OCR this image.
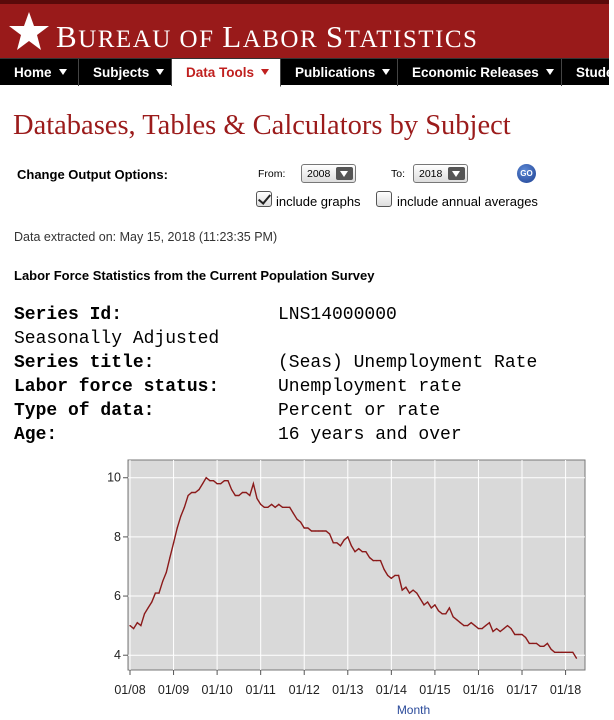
BUREAU OF LABOR STATISTICS
Home	Subjects	Data Tools	Publications	Economic Releases	Stude
Databases, Tables & Calculators by Subject
Change Output Options:	From: 2008	To: 2018	GO
include graphs	include annual averages
Data extracted on: May 15, 2018 (11:23:35 PM)
Labor Force Statistics from the Current Population Survey
Series Id:	LNS14000000
Seasonally Adjusted
Series title:	(Seas) Unemployment Rate
Labor force status:	Unemployment rate
Type of data:	Percent or rate
Age:	16 years and over
4
6
8
10
01/08 01/09 01/10 01/11 01/12 01/13 01/14 01/15 01/16 01/17 01/18
Month
